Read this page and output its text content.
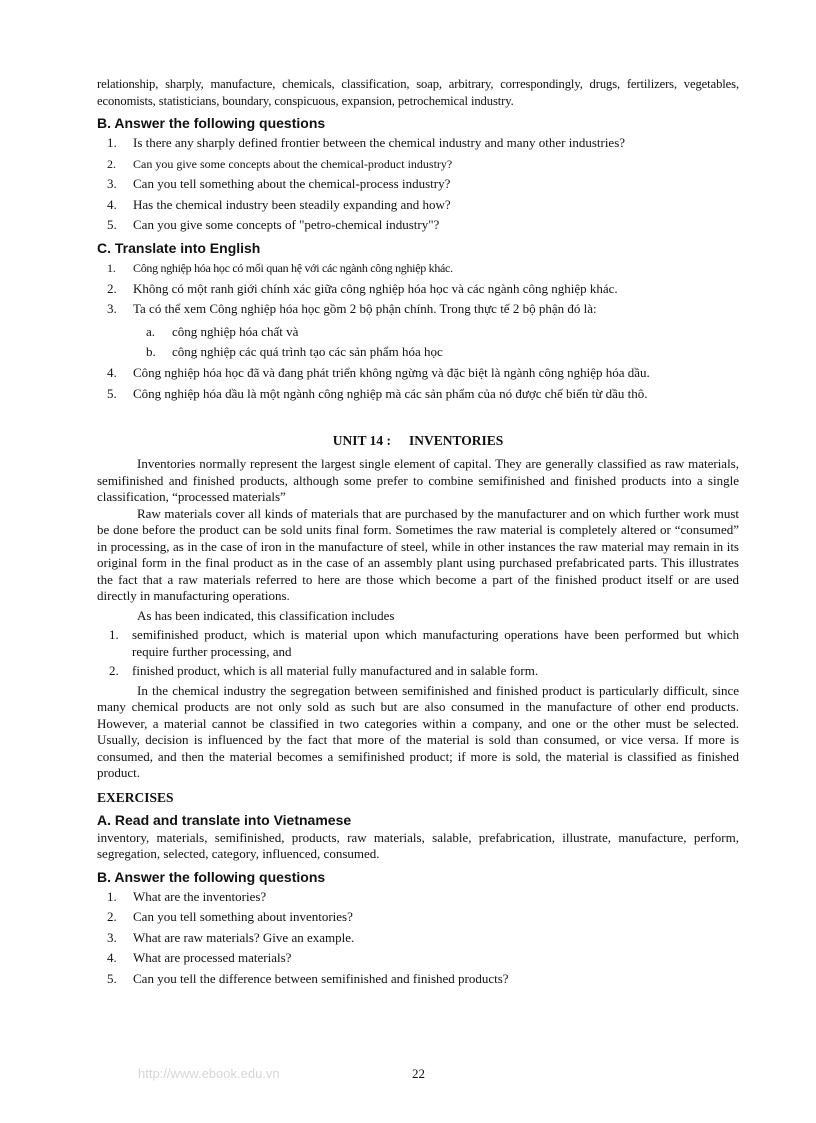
relationship, sharply, manufacture, chemicals, classification, soap, arbitrary, correspondingly, drugs, fertilizers, vegetables, economists, statisticians, boundary, conspicuous, expansion, petrochemical industry.

B. Answer the following questions
1. Is there any sharply defined frontier between the chemical industry and many other industries?
2. Can you give some concepts about the chemical-product industry?
3. Can you tell something about the chemical-process industry?
4. Has the chemical industry been steadily expanding and how?
5. Can you give some concepts of "petro-chemical industry"?
C. Translate into English
1. Công nghiệp hóa học có mối quan hệ với các ngành công nghiệp khác.
2. Không có một ranh giới chính xác giữa công nghiệp hóa học và các ngành công nghiệp khác.
3. Ta có thể xem Công nghiệp hóa học gồm 2 bộ phận chính. Trong thực tế 2 bộ phận đó là:
a. công nghiệp hóa chất và
b. công nghiệp các quá trình tạo các sản phẩm hóa học
4. Công nghiệp hóa học đã và đang phát triển không ngừng và đặc biệt là ngành công nghiệp hóa dầu.
5. Công nghiệp hóa dầu là một ngành công nghiệp mà các sản phẩm của nó được chế biến từ dầu thô.
UNIT 14 : INVENTORIES

Inventories normally represent the largest single element of capital. They are generally classified as raw materials, semifinished and finished products, although some prefer to combine semifinished and finished products into a single classification, “processed materials”

Raw materials cover all kinds of materials that are purchased by the manufacturer and on which further work must be done before the product can be sold units final form. Sometimes the raw material is completely altered or “consumed” in processing, as in the case of iron in the manufacture of steel, while in other instances the raw material may remain in its original form in the final product as in the case of an assembly plant using purchased prefabricated parts. This illustrates the fact that a raw materials referred to here are those which become a part of the finished product itself or are used directly in manufacturing operations.

As has been indicated, this classification includes

1. semifinished product, which is material upon which manufacturing operations have been performed but which require further processing, and
2. finished product, which is all material fully manufactured and in salable form.

In the chemical industry the segregation between semifinished and finished product is particularly difficult, since many chemical products are not only sold as such but are also consumed in the manufacture of other end products. However, a material cannot be classified in two categories within a company, and one or the other must be selected. Usually, decision is influenced by the fact that more of the material is sold than consumed, or vice versa. If more is consumed, and then the material becomes a semifinished product; if more is sold, the material is classified as finished product.

EXERCISES
A. Read and translate into Vietnamese

inventory, materials, semifinished, products, raw materials, salable, prefabrication, illustrate, manufacture, perform, segregation, selected, category, influenced, consumed.

B. Answer the following questions
1. What are the inventories?
2. Can you tell something about inventories?
3. What are raw materials? Give an example.
4. What are processed materials?
5. Can you tell the difference between semifinished and finished products?
http://www.ebook.edu.vn	22
